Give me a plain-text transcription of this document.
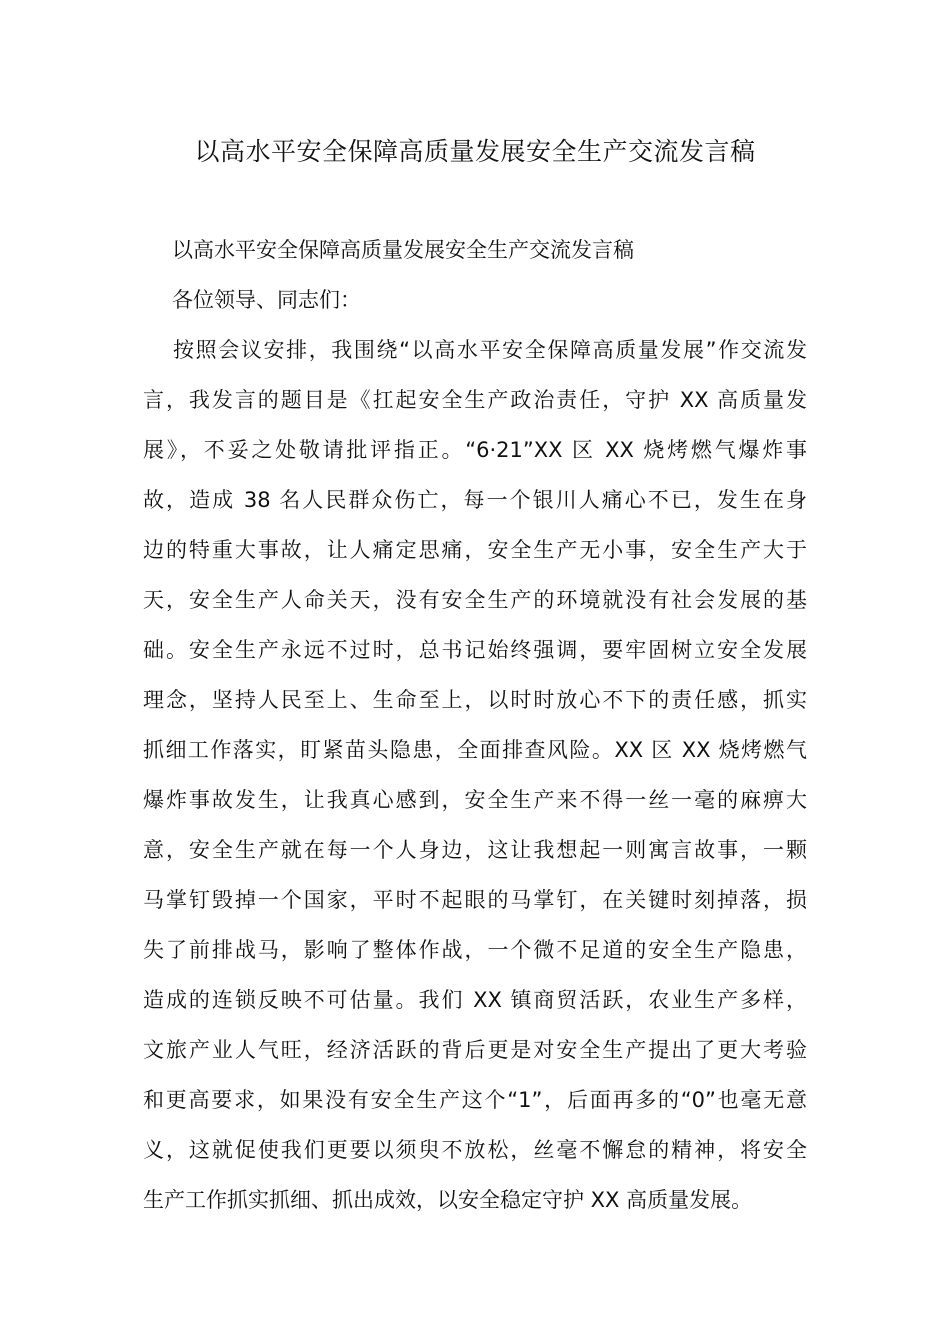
以高水平安全保障高质量发展安全生产交流发言稿

以高水平安全保障高质量发展安全生产交流发言稿

各位领导、同志们：

按照会议安排，我围绕“以高水平安全保障高质量发展”作交流发
言，我发言的题目是《扛起安全生产政治责任，守护 XX 高质量发
展》，不妥之处敬请批评指正。“6·21”XX 区 XX 烧烤燃气爆炸事
故，造成 38 名人民群众伤亡，每一个银川人痛心不已，发生在身
边的特重大事故，让人痛定思痛，安全生产无小事，安全生产大于
天，安全生产人命关天，没有安全生产的环境就没有社会发展的基
础。安全生产永远不过时，总书记始终强调，要牢固树立安全发展
理念，坚持人民至上、生命至上，以时时放心不下的责任感，抓实
抓细工作落实，盯紧苗头隐患，全面排查风险。XX 区 XX 烧烤燃气
爆炸事故发生，让我真心感到，安全生产来不得一丝一毫的麻痹大
意，安全生产就在每一个人身边，这让我想起一则寓言故事，一颗
马掌钉毁掉一个国家，平时不起眼的马掌钉，在关键时刻掉落，损
失了前排战马，影响了整体作战，一个微不足道的安全生产隐患，
造成的连锁反映不可估量。我们 XX 镇商贸活跃，农业生产多样，
文旅产业人气旺，经济活跃的背后更是对安全生产提出了更大考验
和更高要求，如果没有安全生产这个“1”，后面再多的“0”也毫无意
义，这就促使我们更要以须臾不放松，丝毫不懈怠的精神，将安全
生产工作抓实抓细、抓出成效，以安全稳定守护 XX 高质量发展。
